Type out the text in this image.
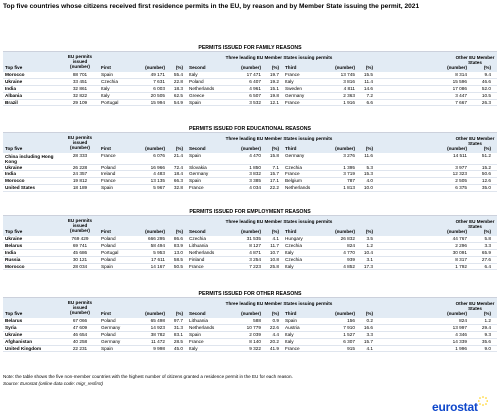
Top five countries whose citizens received first residence permits in the EU, by reason and by Member State issuing the permit, 2021
PERMITS ISSUED FOR FAMILY REASONS
Top five
EU permits issued (number)
Three leading EU Member States issuing permits	Other EU Member States
First	(number)	(%) Second	(number)	(%) Third	(number)	(%)	(number)	(%)
Morocco	88 701	Spain	49 171	55.4 Italy	17 471	19.7 France	13 745	15.5	8 314	9.4
Ukraine	33 451	Czechia	7 631	22.8 Poland	6 407	19.2 Italy	3 816	11.4	15 596	46.6
India	32 861	Italy	6 003	18.3 Netherlands	4 961	15.1 Sweden	4 811	14.6	17 086	52.0
Albania	32 822	Italy	20 505	62.5 Greece	6 507	19.8 Germany	2 363	7.2	3 447	10.5
Brazil	29 109	Portugal	15 994	54.9 Spain	3 532	12.1 France	1 916	6.6	7 667	26.3
PERMITS ISSUED FOR EDUCATIONAL REASONS
Top five
EU permits issued (number)
Three leading EU Member States issuing permits	Other EU Member States
First	(number)	(%) Second	(number)	(%) Third	(number)	(%)	(number)	(%)
China including Hong Kong
28 333	France	6 076	21.4 Spain	4 470	15.8 Germany	3 276	11.6	14 511	51.2
Ukraine	26 228	Poland	16 966	72.4 Slovakia	1 850	7.1 Czechia	1 395	5.3	3 977	15.2
India	24 357	Ireland	4 483	18.4 Germany	3 832	15.7 France	3 719	15.3	12 323	50.6
Morocco	19 812	France	13 135	66.3 Spain	3 385	17.1 Belgium	787	4.0	2 505	12.6
United States	18 189	Spain	5 967	32.8 France	4 034	22.2 Netherlands	1 813	10.0	6 375	35.0
PERMITS ISSUED FOR EMPLOYMENT REASONS
Top five
EU permits issued (number)
Three leading EU Member States issuing permits	Other EU Member States
First	(number)	(%) Second	(number)	(%) Third	(number)	(%)	(number)	(%)
Ukraine	769 429	Poland	666 295	86.6 Czechia	31 535	4.1 Hungary	26 832	3.5	44 767	5.8
Belarus	69 741	Poland	58 494	83.9 Lithuania	8 127	11.7 Czechia	824	1.2	2 296	3.3
India	45 686	Portugal	5 953	13.0 Netherlands	4 871	10.7 Italy	4 770	10.4	30 091	65.9
Russia	30 121	Poland	17 611	58.5 Finland	3 254	10.8 Czechia	939	3.1	8 317	27.6
Morocco	28 034	Spain	14 167	50.5 France	7 223	25.8 Italy	4 852	17.3	1 792	6.4
PERMITS ISSUED FOR OTHER REASONS
Top five
EU permits issued (number)
Three leading EU Member States issuing permits	Other EU Member States
First	(number)	(%) Second	(number)	(%) Third	(number)	(%)	(number)	(%)
Belarus	67 066	Poland	65 498	97.7 Lithuania	588	0.9 Spain	156	0.2	824	1.2
Syria	47 609	Germany	14 923	31.3 Netherlands	10 779	22.6 Austria	7 910	16.6	13 997	29.4
Ukraine	46 654	Poland	38 782	83.1 Spain	2 039	4.4 Italy	1 527	3.3	4 346	9.3
Afghanistan	40 258	Germany	11 472	28.5 France	8 140	20.2 Italy	6 307	15.7	14 339	35.6
United Kingdom	22 231	Spain	9 998	45.0 Italy	9 322	41.9 France	915	4.1	1 996	9.0
Note: the table shows the five non-member countries with the highest number of citizens granted a residence permit in the EU for each reason.
Source: Eurostat (online data code: migr_resfirst)
eurostat
